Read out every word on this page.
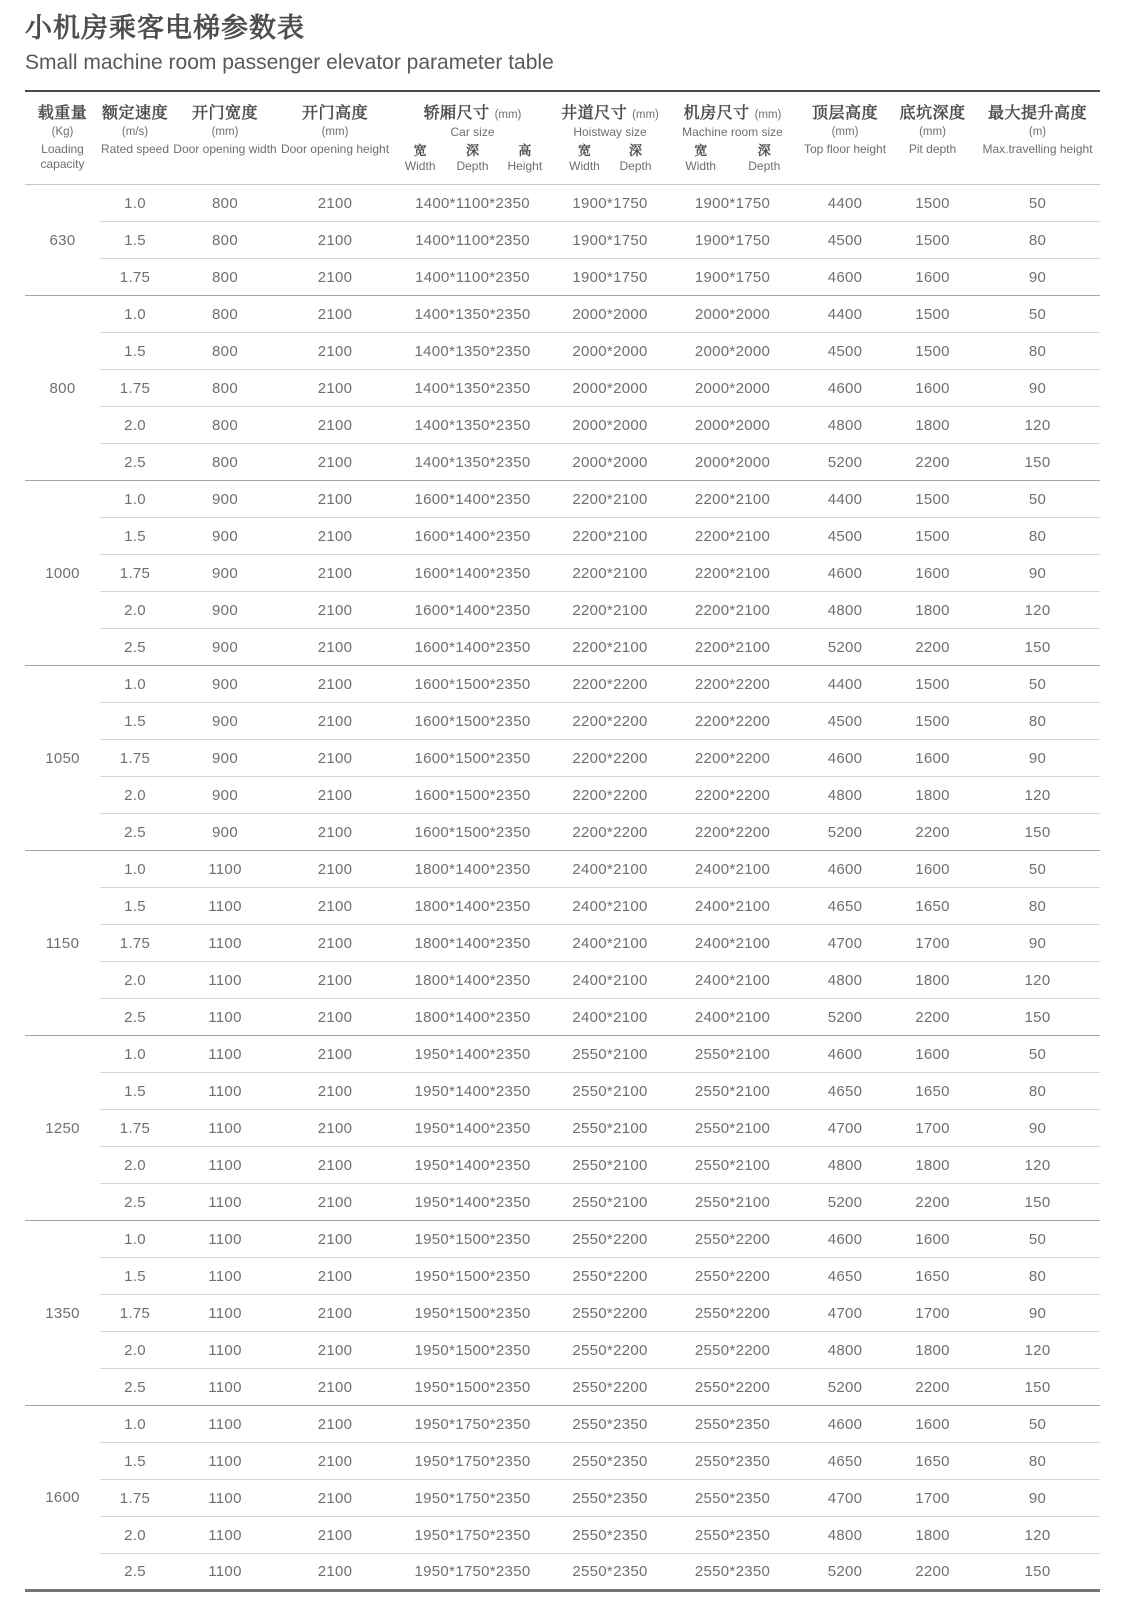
小机房乘客电梯参数表
Small machine room passenger elevator parameter table
载重量
(Kg)
Loading capacity

额定速度
(m/s)
Rated speed

开门宽度
(mm)
Door opening width

开门高度
(mm)
Door opening height

轿厢尺寸 (mm)
Car size
宽
Width
深
Depth
高
Height

井道尺寸 (mm)
Hoistway size
宽
Width
深
Depth

机房尺寸 (mm)
Machine room size
宽
Width
深
Depth

顶层高度
(mm)
Top floor height

底坑深度
(mm)
Pit depth

最大提升高度
(m)
Max.travelling height

630	1.0	800	2100	1400*1100*2350	1900*1750	1900*1750	4400	1500	50
	1.5	800	2100	1400*1100*2350	1900*1750	1900*1750	4500	1500	80
	1.75	800	2100	1400*1100*2350	1900*1750	1900*1750	4600	1600	90
800	1.0	800	2100	1400*1350*2350	2000*2000	2000*2000	4400	1500	50
	1.5	800	2100	1400*1350*2350	2000*2000	2000*2000	4500	1500	80
	1.75	800	2100	1400*1350*2350	2000*2000	2000*2000	4600	1600	90
	2.0	800	2100	1400*1350*2350	2000*2000	2000*2000	4800	1800	120
	2.5	800	2100	1400*1350*2350	2000*2000	2000*2000	5200	2200	150
1000	1.0	900	2100	1600*1400*2350	2200*2100	2200*2100	4400	1500	50
	1.5	900	2100	1600*1400*2350	2200*2100	2200*2100	4500	1500	80
	1.75	900	2100	1600*1400*2350	2200*2100	2200*2100	4600	1600	90
	2.0	900	2100	1600*1400*2350	2200*2100	2200*2100	4800	1800	120
	2.5	900	2100	1600*1400*2350	2200*2100	2200*2100	5200	2200	150
1050	1.0	900	2100	1600*1500*2350	2200*2200	2200*2200	4400	1500	50
	1.5	900	2100	1600*1500*2350	2200*2200	2200*2200	4500	1500	80
	1.75	900	2100	1600*1500*2350	2200*2200	2200*2200	4600	1600	90
	2.0	900	2100	1600*1500*2350	2200*2200	2200*2200	4800	1800	120
	2.5	900	2100	1600*1500*2350	2200*2200	2200*2200	5200	2200	150
1150	1.0	1100	2100	1800*1400*2350	2400*2100	2400*2100	4600	1600	50
	1.5	1100	2100	1800*1400*2350	2400*2100	2400*2100	4650	1650	80
	1.75	1100	2100	1800*1400*2350	2400*2100	2400*2100	4700	1700	90
	2.0	1100	2100	1800*1400*2350	2400*2100	2400*2100	4800	1800	120
	2.5	1100	2100	1800*1400*2350	2400*2100	2400*2100	5200	2200	150
1250	1.0	1100	2100	1950*1400*2350	2550*2100	2550*2100	4600	1600	50
	1.5	1100	2100	1950*1400*2350	2550*2100	2550*2100	4650	1650	80
	1.75	1100	2100	1950*1400*2350	2550*2100	2550*2100	4700	1700	90
	2.0	1100	2100	1950*1400*2350	2550*2100	2550*2100	4800	1800	120
	2.5	1100	2100	1950*1400*2350	2550*2100	2550*2100	5200	2200	150
1350	1.0	1100	2100	1950*1500*2350	2550*2200	2550*2200	4600	1600	50
	1.5	1100	2100	1950*1500*2350	2550*2200	2550*2200	4650	1650	80
	1.75	1100	2100	1950*1500*2350	2550*2200	2550*2200	4700	1700	90
	2.0	1100	2100	1950*1500*2350	2550*2200	2550*2200	4800	1800	120
	2.5	1100	2100	1950*1500*2350	2550*2200	2550*2200	5200	2200	150
1600	1.0	1100	2100	1950*1750*2350	2550*2350	2550*2350	4600	1600	50
	1.5	1100	2100	1950*1750*2350	2550*2350	2550*2350	4650	1650	80
	1.75	1100	2100	1950*1750*2350	2550*2350	2550*2350	4700	1700	90
	2.0	1100	2100	1950*1750*2350	2550*2350	2550*2350	4800	1800	120
	2.5	1100	2100	1950*1750*2350	2550*2350	2550*2350	5200	2200	150
